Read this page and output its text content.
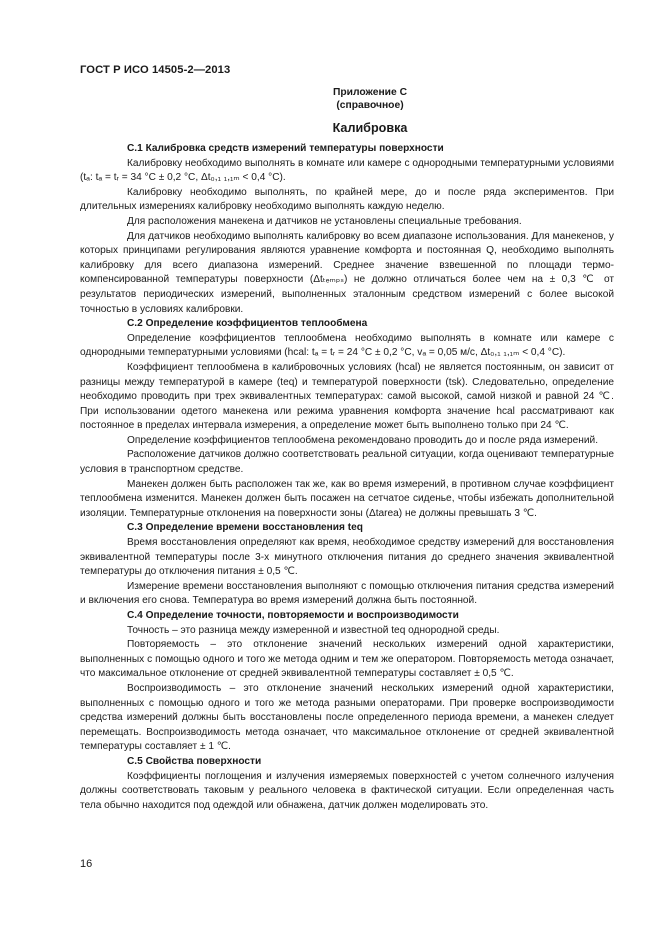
ГОСТ Р ИСО 14505-2—2013
Приложение С
(справочное)
Калибровка

С.1 Калибровка средств измерений температуры поверхности

Калибровку необходимо выполнять в комнате или камере с однородными температурными условиями (tₐ: tₐ = tᵣ = 34 °С ± 0,2 °С, Δt₀,₁ ₁,₁ₘ < 0,4 °С).

Калибровку необходимо выполнять, по крайней мере, до и после ряда экспериментов. При длительных измерениях калибровку необходимо выполнять каждую неделю.

Для расположения манекена и датчиков не установлены специальные требования.

Для датчиков необходимо выполнять калибровку во всем диапазоне использования. Для манекенов, у которых принципами регулирования являются уравнение комфорта и постоянная Q, необходимо выполнять калибровку для всего диапазона измерений. Среднее значение взвешенной по площади термо-компенсированной температуры поверхности (Δtₜₑₘₚₛ) не должно отличаться более чем на ± 0,3 ℃ от результатов периодических измерений, выполненных эталонным средством измерений с более высокой точностью в условиях калибровки.

С.2 Определение коэффициентов теплообмена

Определение коэффициентов теплообмена необходимо выполнять в комнате или камере с однородными температурными условиями (hcal: tₐ = tᵣ = 24 °С ± 0,2 °С, vₐ = 0,05 м/с, Δt₀,₁ ₁,₁ₘ < 0,4 °С).

Коэффициент теплообмена в калибровочных условиях (hcal) не является постоянным, он зависит от разницы между температурой в камере (teq) и температурой поверхности (tsk). Следовательно, определение необходимо проводить при трех эквивалентных температурах: самой высокой, самой низкой и равной 24 ℃. При использовании одетого манекена или режима уравнения комфорта значение hcal рассматривают как постоянное в пределах интервала измерения, а определение может быть выполнено только при 24 ℃.

Определение коэффициентов теплообмена рекомендовано проводить до и после ряда измерений.

Расположение датчиков должно соответствовать реальной ситуации, когда оценивают температурные условия в транспортном средстве.

Манекен должен быть расположен так же, как во время измерений, в противном случае коэффициент теплообмена изменится. Манекен должен быть посажен на сетчатое сиденье, чтобы избежать дополнительной изоляции. Температурные отклонения на поверхности зоны (Δtarea) не должны превышать 3 ℃.

С.3 Определение времени восстановления teq

Время восстановления определяют как время, необходимое средству измерений для восстановления эквивалентной температуры после 3-х минутного отключения питания до среднего значения эквивалентной температуры до отключения питания ± 0,5 ℃.

Измерение времени восстановления выполняют с помощью отключения питания средства измерений и включения его снова. Температура во время измерений должна быть постоянной.

С.4 Определение точности, повторяемости и воспроизводимости

Точность – это разница между измеренной и известной teq однородной среды.

Повторяемость – это отклонение значений нескольких измерений одной характеристики, выполненных с помощью одного и того же метода одним и тем же оператором. Повторяемость метода означает, что максимальное отклонение от средней эквивалентной температуры составляет ± 0,5 ℃.

Воспроизводимость – это отклонение значений нескольких измерений одной характеристики, выполненных с помощью одного и того же метода разными операторами. При проверке воспроизводимости средства измерений должны быть восстановлены после определенного периода времени, а манекен следует перемещать. Воспроизводимость метода означает, что максимальное отклонение от средней эквивалентной температуры составляет ± 1 ℃.

С.5 Свойства поверхности

Коэффициенты поглощения и излучения измеряемых поверхностей с учетом солнечного излучения должны соответствовать таковым у реального человека в фактической ситуации. Если определенная часть тела обычно находится под одеждой или обнажена, датчик должен моделировать это.

16
